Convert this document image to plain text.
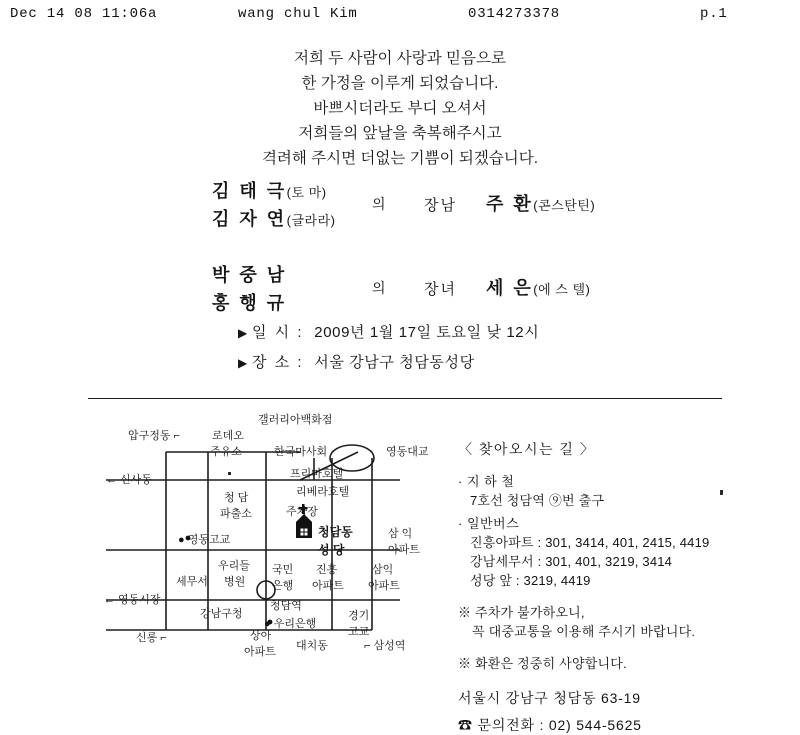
Dec 14 08 11:06a	wang chul Kim	0314273378	p.1
저희 두 사람이 사랑과 믿음으로
한 가정을 이루게 되었습니다.
바쁘시더라도 부디 오셔서
저희들의 앞날을 축복해주시고
격려해 주시면 더없는 기쁨이 되겠습니다.
김 태 극(토 마)
김 자 연(글라라)
의 장남 주 환(콘스탄틴)
박 중 남
홍 행 규
의 장녀 세 은(에 스 텔)
▶ 일 시 : 2009년 1월 17일 토요일 낮 12시
▶ 장 소 : 서울 강남구 청담동성당
압구정동 ⌐	로데오
주유소
갤러리아백화점
한국마사회	영동대교
← 신사동	프리마호텔
리베라호텔
청 담
파출소	주차장
청담동
성 당
삼 익
아파트
● 영동고교
우리들
세무서 병원
국민
은행
진흥
아파트
삼익
아파트
← 영동시장
강남구청
청담역
● 우리은행
경기
고교
신롱 ⌐	상아
아파트 대치동	⌐ 삼성역
〈 찾아오시는 길 〉
· 지 하 철
7호선 청담역 ⑨번 출구
· 일반버스
진흥아파트 : 301, 3414, 401, 2415, 4419
강남세무서 : 301, 401, 3219, 3414
성당 앞 : 3219, 4419
※ 주차가 불가하오니,
꼭 대중교통을 이용해 주시기 바랍니다.
※ 화환은 정중히 사양합니다.
서울시 강남구 청담동 63-19
☎ 문의전화 : 02) 544-5625
